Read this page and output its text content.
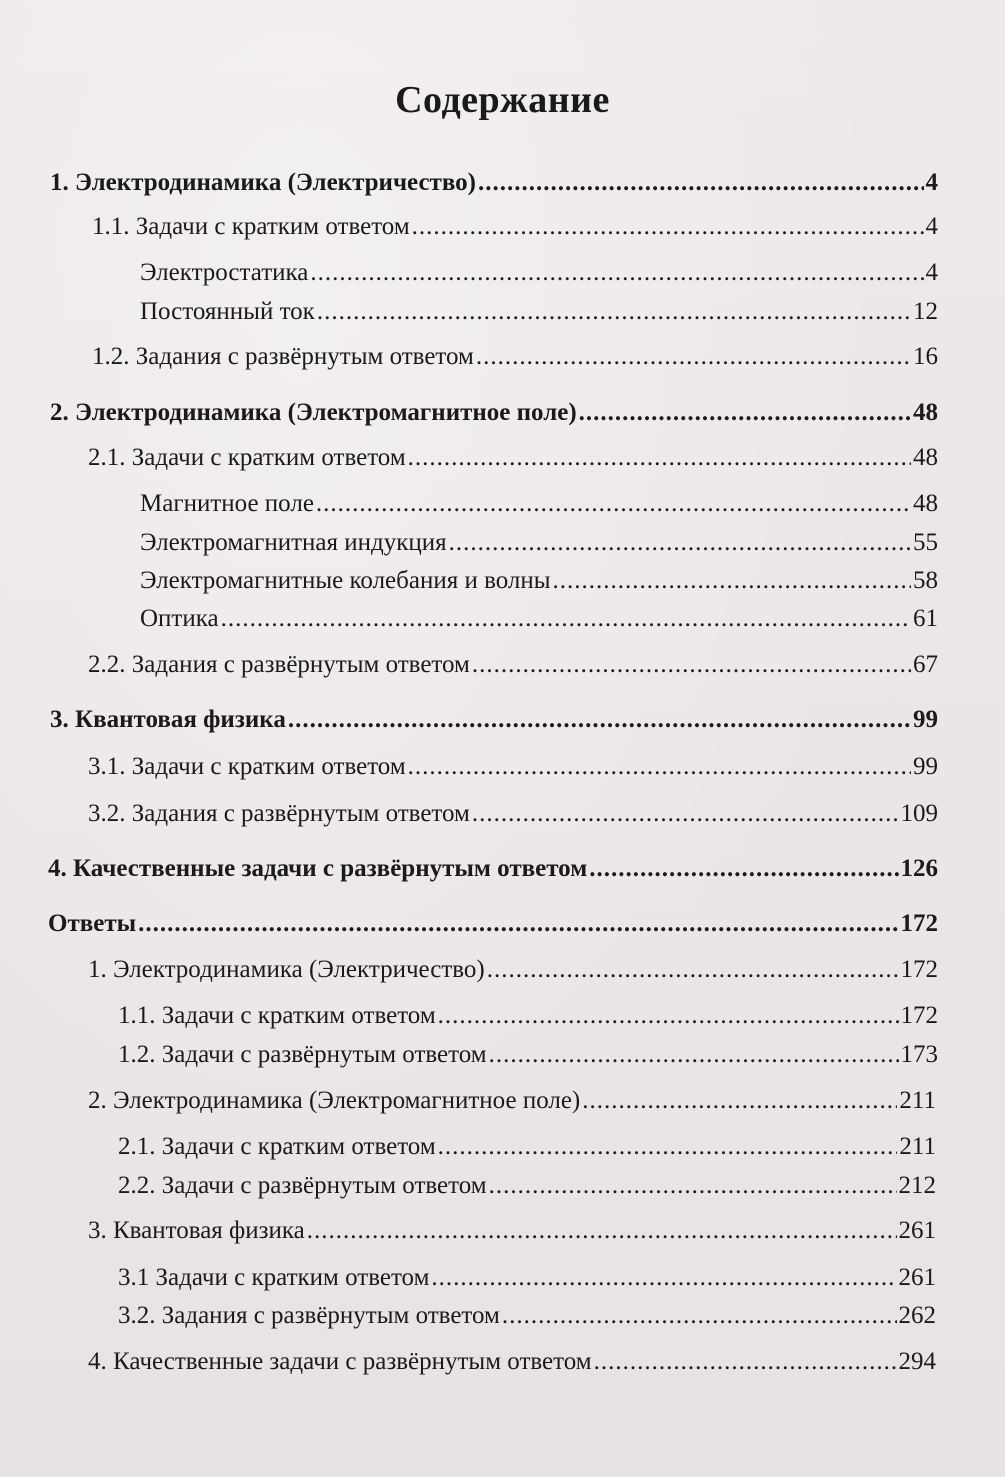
Содержание
1. Электродинамика (Электричество) .....	4
1.1. Задачи с кратким ответом .....	4
Электростатика .....	4
Постоянный ток .....	12
1.2. Задания с развёрнутым ответом .....	16
2. Электродинамика (Электромагнитное поле) .....	48
2.1. Задачи с кратким ответом .....	48
Магнитное поле .....	48
Электромагнитная индукция .....	55
Электромагнитные колебания и волны .....	58
Оптика .....	61
2.2. Задания с развёрнутым ответом .....	67
3. Квантовая физика .....	99
3.1. Задачи с кратким ответом .....	99
3.2. Задания с развёрнутым ответом .....	109
4. Качественные задачи с развёрнутым ответом .....	126
Ответы .....	172
1. Электродинамика (Электричество) .....	172
1.1. Задачи с кратким ответом .....	172
1.2. Задачи с развёрнутым ответом .....	173
2. Электродинамика (Электромагнитное поле) .....	211
2.1. Задачи с кратким ответом .....	211
2.2. Задачи с развёрнутым ответом .....	212
3. Квантовая физика .....	261
3.1 Задачи с кратким ответом .....	261
3.2. Задания с развёрнутым ответом .....	262
4. Качественные задачи с развёрнутым ответом .....	294
